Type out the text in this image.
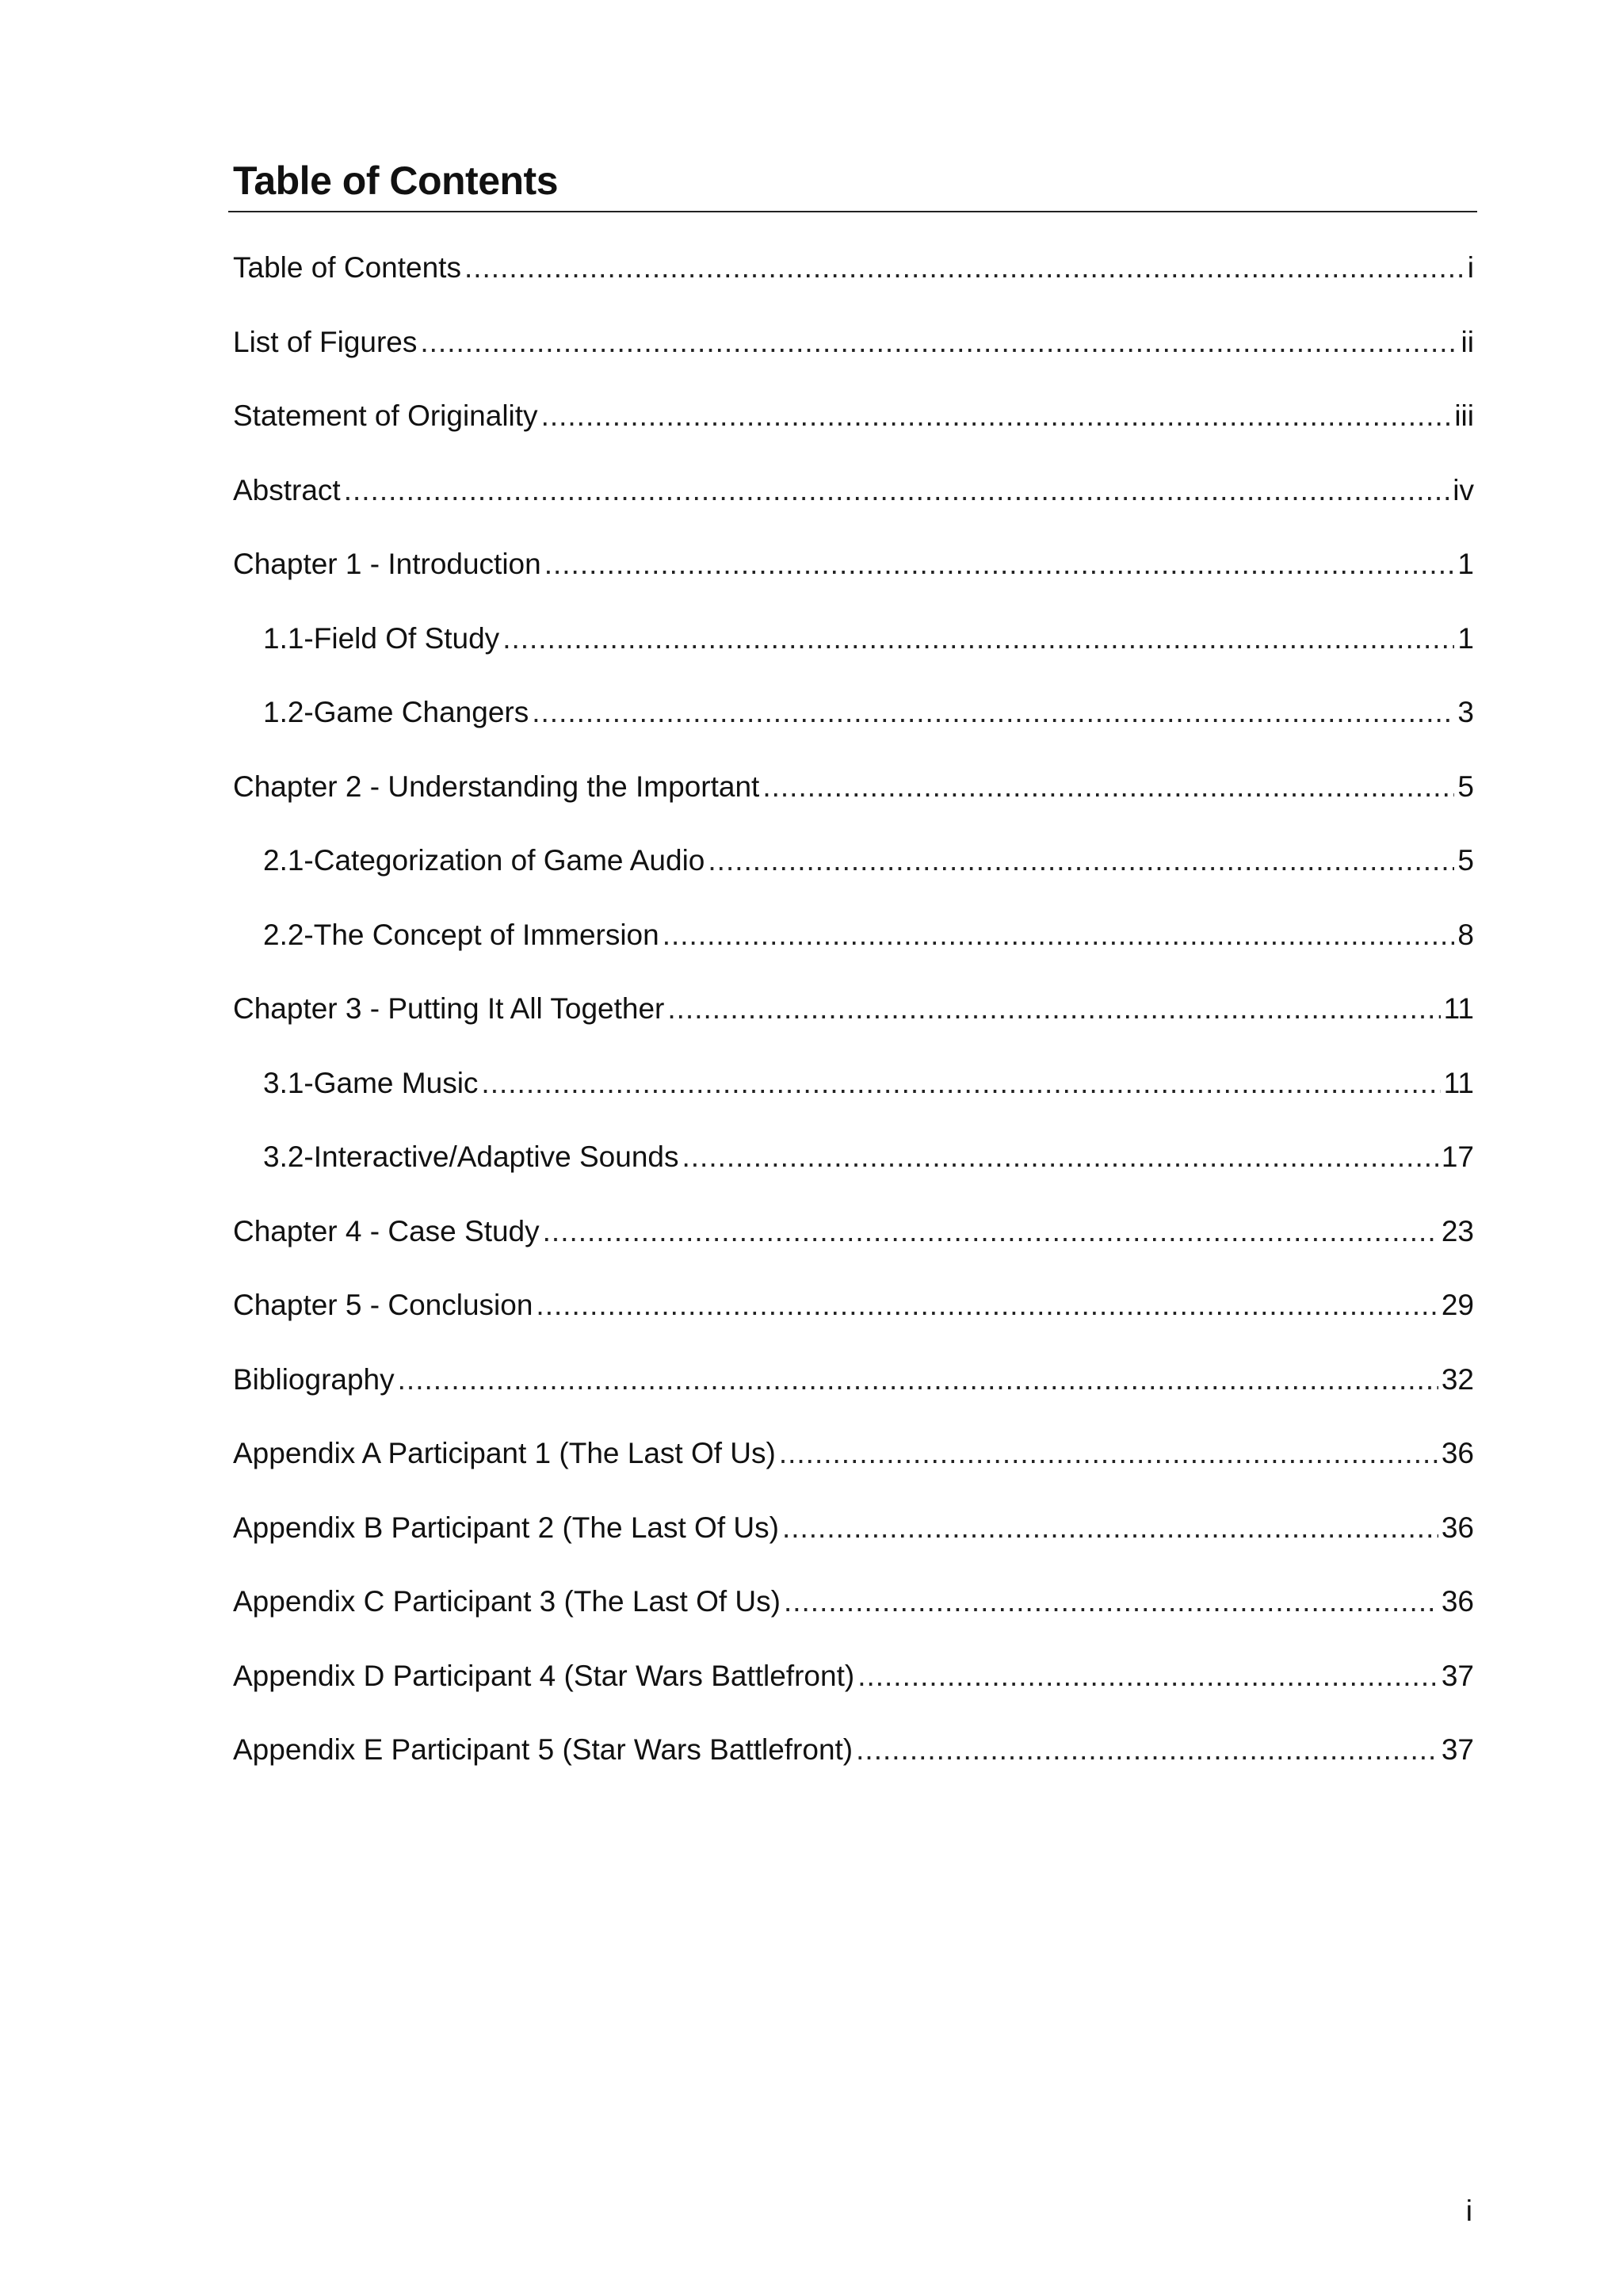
Table of Contents
Table of Contents .....	i
List of Figures .....	ii
Statement of Originality .....	iii
Abstract .....	iv
Chapter 1 - Introduction .....	1
1.1-Field Of Study .....	1
1.2-Game Changers .....	3
Chapter 2 - Understanding the Important .....	5
2.1-Categorization of Game Audio .....	5
2.2-The Concept of Immersion .....	8
Chapter 3 - Putting It All Together .....	11
3.1-Game Music .....	11
3.2-Interactive/Adaptive Sounds .....	17
Chapter 4 - Case Study .....	23
Chapter 5 - Conclusion .....	29
Bibliography .....	32
Appendix A Participant 1 (The Last Of Us) .....	36
Appendix B Participant 2 (The Last Of Us) .....	36
Appendix C Participant 3 (The Last Of Us) .....	36
Appendix D Participant 4 (Star Wars Battlefront) .....	37
Appendix E Participant 5 (Star Wars Battlefront) .....	37
i
